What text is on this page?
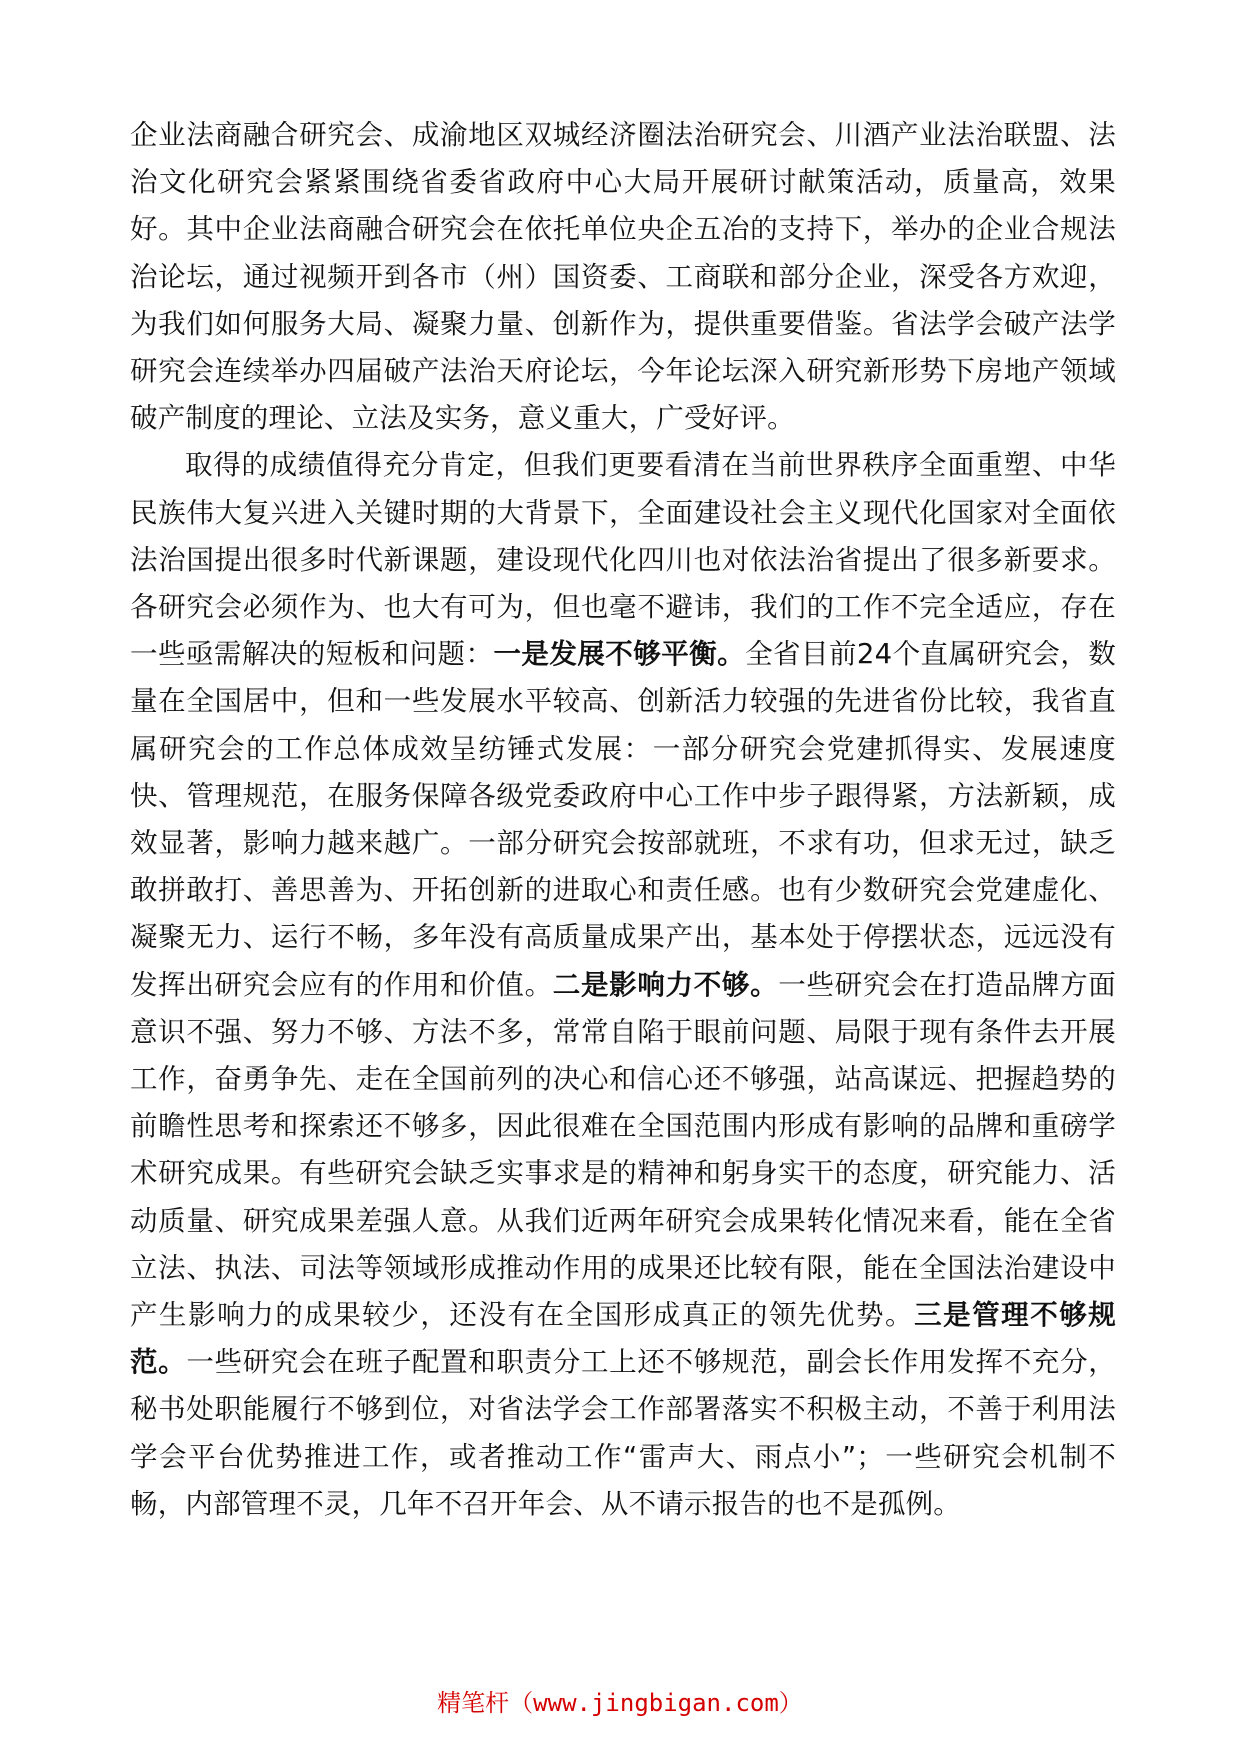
企业法商融合研究会、成渝地区双城经济圈法治研究会、川酒产业法治联盟、法治文化研究会紧紧围绕省委省政府中心大局开展研讨献策活动，质量高，效果好。其中企业法商融合研究会在依托单位央企五冶的支持下，举办的企业合规法治论坛，通过视频开到各市（州）国资委、工商联和部分企业，深受各方欢迎，为我们如何服务大局、凝聚力量、创新作为，提供重要借鉴。省法学会破产法学研究会连续举办四届破产法治天府论坛，今年论坛深入研究新形势下房地产领域破产制度的理论、立法及实务，意义重大，广受好评。

取得的成绩值得充分肯定，但我们更要看清在当前世界秩序全面重塑、中华民族伟大复兴进入关键时期的大背景下，全面建设社会主义现代化国家对全面依法治国提出很多时代新课题，建设现代化四川也对依法治省提出了很多新要求。各研究会必须作为、也大有可为，但也毫不避讳，我们的工作不完全适应，存在一些亟需解决的短板和问题：一是发展不够平衡。全省目前24个直属研究会，数量在全国居中，但和一些发展水平较高、创新活力较强的先进省份比较，我省直属研究会的工作总体成效呈纺锤式发展：一部分研究会党建抓得实、发展速度快、管理规范，在服务保障各级党委政府中心工作中步子跟得紧，方法新颖，成效显著，影响力越来越广。一部分研究会按部就班，不求有功，但求无过，缺乏敢拼敢打、善思善为、开拓创新的进取心和责任感。也有少数研究会党建虚化、凝聚无力、运行不畅，多年没有高质量成果产出，基本处于停摆状态，远远没有发挥出研究会应有的作用和价值。二是影响力不够。一些研究会在打造品牌方面意识不强、努力不够、方法不多，常常自陷于眼前问题、局限于现有条件去开展工作，奋勇争先、走在全国前列的决心和信心还不够强，站高谋远、把握趋势的前瞻性思考和探索还不够多，因此很难在全国范围内形成有影响的品牌和重磅学术研究成果。有些研究会缺乏实事求是的精神和躬身实干的态度，研究能力、活动质量、研究成果差强人意。从我们近两年研究会成果转化情况来看，能在全省立法、执法、司法等领域形成推动作用的成果还比较有限，能在全国法治建设中产生影响力的成果较少，还没有在全国形成真正的领先优势。三是管理不够规范。一些研究会在班子配置和职责分工上还不够规范，副会长作用发挥不充分，秘书处职能履行不够到位，对省法学会工作部署落实不积极主动，不善于利用法学会平台优势推进工作，或者推动工作“雷声大、雨点小”；一些研究会机制不畅，内部管理不灵，几年不召开年会、从不请示报告的也不是孤例。

精笔杆（www.jingbigan.com）
